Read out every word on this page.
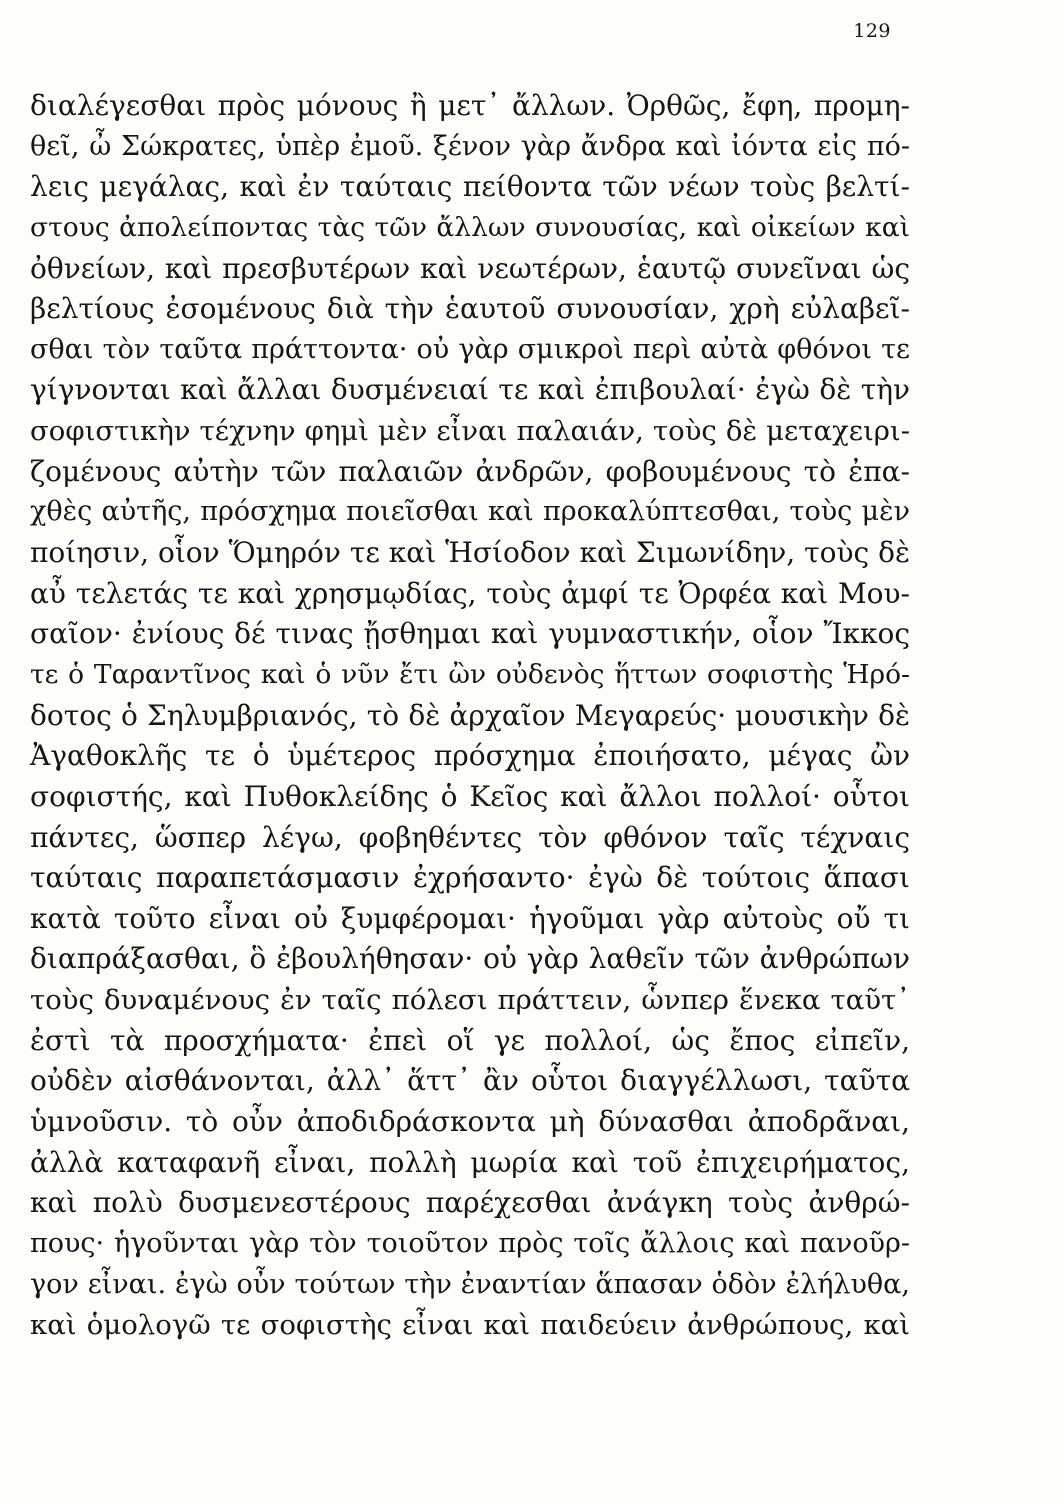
129
διαλέγεσθαι πρὸς μόνους ἢ μετ᾽ ἄλλων. Ὀρθῶς, ἔφη, προμη-
θεῖ, ὦ Σώκρατες, ὑπὲρ ἐμοῦ. ξένον γὰρ ἄνδρα καὶ ἰόντα εἰς πό-
λεις μεγάλας, καὶ ἐν ταύταις πείθοντα τῶν νέων τοὺς βελτί-
στους ἀπολείποντας τὰς τῶν ἄλλων συνουσίας, καὶ οἰκείων καὶ
ὀθνείων, καὶ πρεσβυτέρων καὶ νεωτέρων, ἑαυτῷ συνεῖναι ὡς
βελτίους ἐσομένους διὰ τὴν ἑαυτοῦ συνουσίαν, χρὴ εὐλαβεῖ-
σθαι τὸν ταῦτα πράττοντα· οὐ γὰρ σμικροὶ περὶ αὐτὰ φθόνοι τε
γίγνονται καὶ ἄλλαι δυσμένειαί τε καὶ ἐπιβουλαί· ἐγὼ δὲ τὴν
σοφιστικὴν τέχνην φημὶ μὲν εἶναι παλαιάν, τοὺς δὲ μεταχειρι-
ζομένους αὐτὴν τῶν παλαιῶν ἀνδρῶν, φοβουμένους τὸ ἐπα-
χθὲς αὐτῆς, πρόσχημα ποιεῖσθαι καὶ προκαλύπτεσθαι, τοὺς μὲν
ποίησιν, οἷον Ὅμηρόν τε καὶ Ἡσίοδον καὶ Σιμωνίδην, τοὺς δὲ
αὖ τελετάς τε καὶ χρησμῳδίας, τοὺς ἀμφί τε Ὀρφέα καὶ Μου-
σαῖον· ἐνίους δέ τινας ᾔσθημαι καὶ γυμναστικήν, οἷον Ἴκκος
τε ὁ Ταραντῖνος καὶ ὁ νῦν ἔτι ὢν οὐδενὸς ἥττων σοφιστὴς Ἡρό-
δοτος ὁ Σηλυμβριανός, τὸ δὲ ἀρχαῖον Μεγαρεύς· μουσικὴν δὲ
Ἀγαθοκλῆς τε ὁ ὑμέτερος πρόσχημα ἐποιήσατο, μέγας ὢν
σοφιστής, καὶ Πυθοκλείδης ὁ Κεῖος καὶ ἄλλοι πολλοί· οὗτοι
πάντες, ὥσπερ λέγω, φοβηθέντες τὸν φθόνον ταῖς τέχναις
ταύταις παραπετάσμασιν ἐχρήσαντο· ἐγὼ δὲ τούτοις ἅπασι
κατὰ τοῦτο εἶναι οὐ ξυμφέρομαι· ἡγοῦμαι γὰρ αὐτοὺς οὔ τι
διαπράξασθαι, ὃ ἐβουλήθησαν· οὐ γὰρ λαθεῖν τῶν ἀνθρώπων
τοὺς δυναμένους ἐν ταῖς πόλεσι πράττειν, ὧνπερ ἕνεκα ταῦτ᾽
ἐστὶ τὰ προσχήματα· ἐπεὶ οἵ γε πολλοί, ὡς ἔπος εἰπεῖν,
οὐδὲν αἰσθάνονται, ἀλλ᾽ ἅττ᾽ ἂν οὗτοι διαγγέλλωσι, ταῦτα
ὑμνοῦσιν. τὸ οὖν ἀποδιδράσκοντα μὴ δύνασθαι ἀποδρᾶναι,
ἀλλὰ καταφανῆ εἶναι, πολλὴ μωρία καὶ τοῦ ἐπιχειρήματος,
καὶ πολὺ δυσμενεστέρους παρέχεσθαι ἀνάγκη τοὺς ἀνθρώ-
πους· ἡγοῦνται γὰρ τὸν τοιοῦτον πρὸς τοῖς ἄλλοις καὶ πανοῦρ-
γον εἶναι. ἐγὼ οὖν τούτων τὴν ἐναντίαν ἅπασαν ὁδὸν ἐλήλυθα,
καὶ ὁμολογῶ τε σοφιστὴς εἶναι καὶ παιδεύειν ἀνθρώπους, καὶ
